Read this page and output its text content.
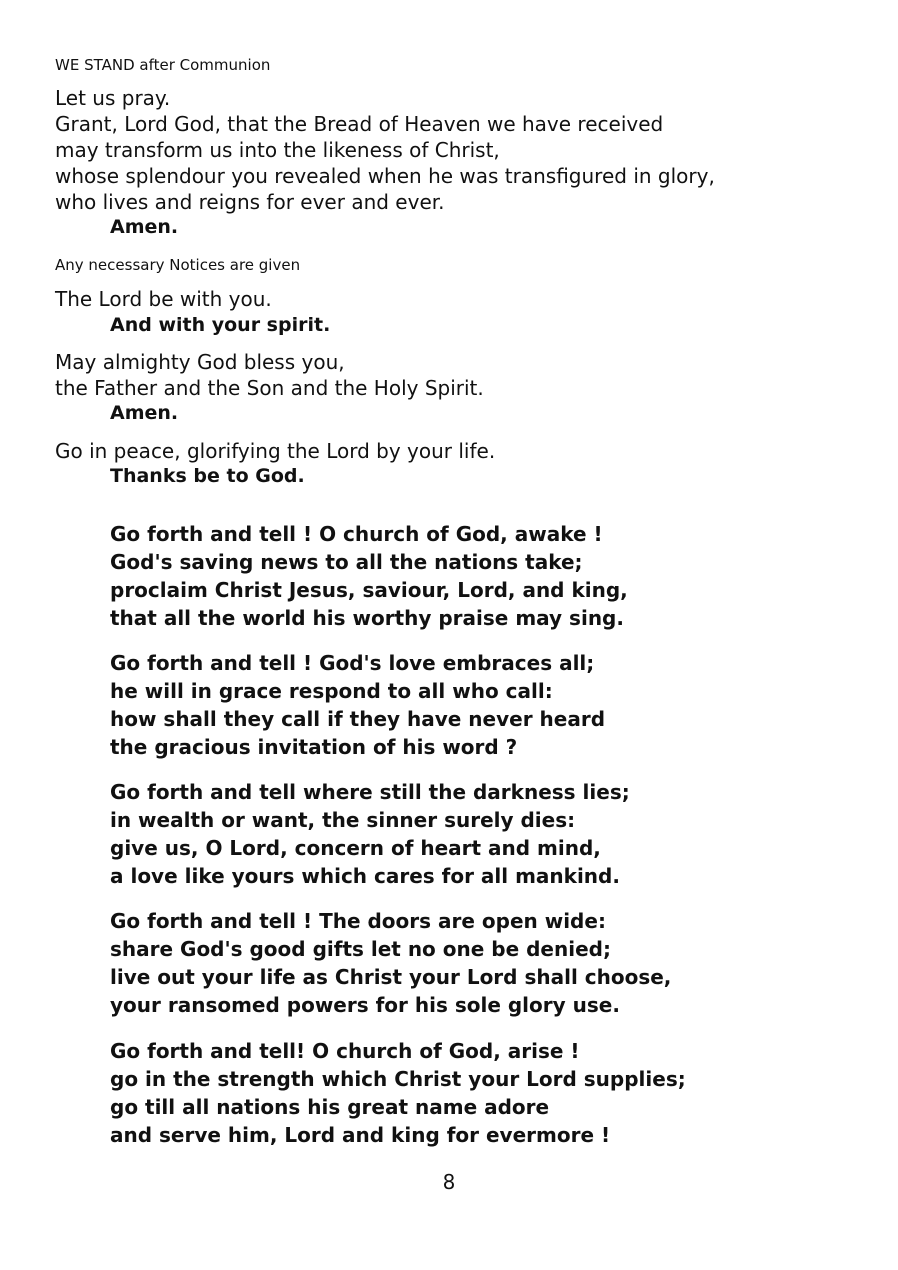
WE STAND after Communion
Let us pray.
Grant, Lord God, that the Bread of Heaven we have received
may transform us into the likeness of Christ,
whose splendour you revealed when he was transfigured in glory,
who lives and reigns for ever and ever.
Amen.
Any necessary Notices are given
The Lord be with you.
And with your spirit.
May almighty God bless you,
the Father and the Son and the Holy Spirit.
Amen.
Go in peace, glorifying the Lord by your life.
Thanks be to God.
Go forth and tell ! O church of God, awake !
God's saving news to all the nations take;
proclaim Christ Jesus, saviour, Lord, and king,
that all the world his worthy praise may sing.
Go forth and tell ! God's love embraces all;
he will in grace respond to all who call:
how shall they call if they have never heard
the gracious invitation of his word ?
Go forth and tell where still the darkness lies;
in wealth or want, the sinner surely dies:
give us, O Lord, concern of heart and mind,
a love like yours which cares for all mankind.
Go forth and tell ! The doors are open wide:
share God's good gifts let no one be denied;
live out your life as Christ your Lord shall choose,
your ransomed powers for his sole glory use.
Go forth and tell! O church of God, arise !
go in the strength which Christ your Lord supplies;
go till all nations his great name adore
and serve him, Lord and king for evermore !
8
